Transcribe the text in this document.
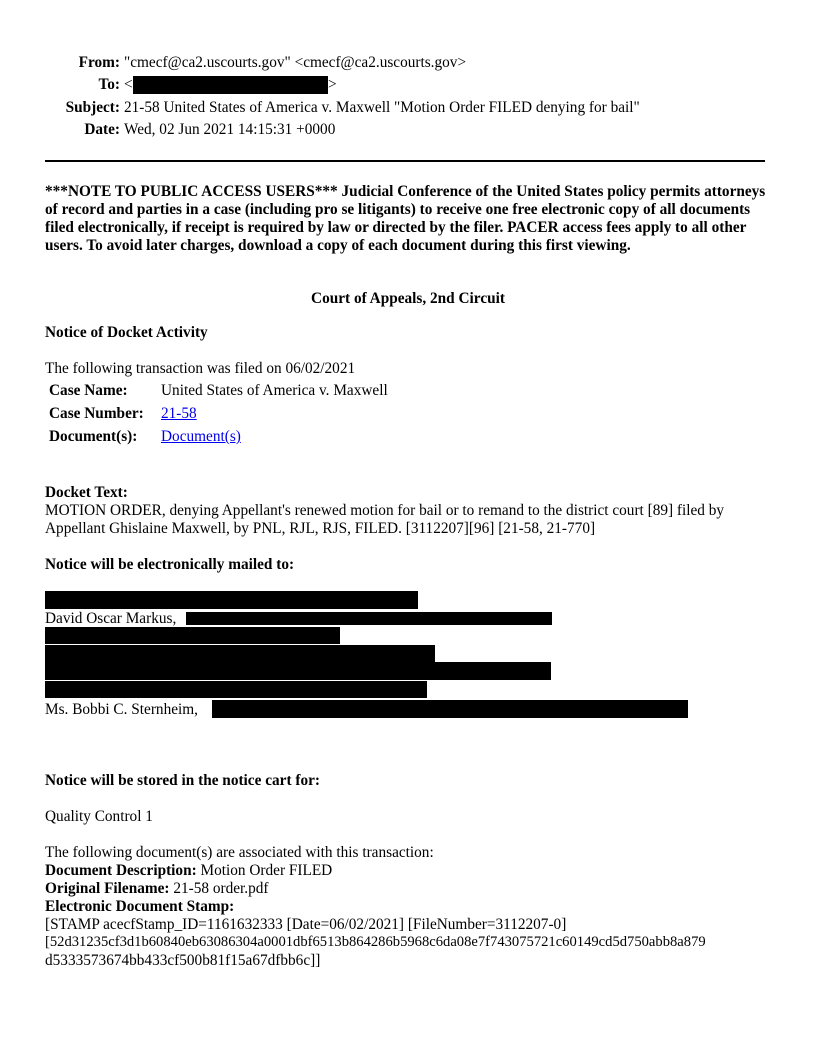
From: "cmecf@ca2.uscourts.gov" <cmecf@ca2.uscourts.gov>
To: <	>
Subject: 21-58 United States of America v. Maxwell "Motion Order FILED denying for bail"
Date: Wed, 02 Jun 2021 14:15:31 +0000
***NOTE TO PUBLIC ACCESS USERS*** Judicial Conference of the United States policy permits attorneys of record and parties in a case (including pro se litigants) to receive one free electronic copy of all documents filed electronically, if receipt is required by law or directed by the filer. PACER access fees apply to all other users. To avoid later charges, download a copy of each document during this first viewing.
Court of Appeals, 2nd Circuit
Notice of Docket Activity
The following transaction was filed on 06/02/2021
Case Name: United States of America v. Maxwell
Case Number: 21-58
Document(s): Document(s)
Docket Text:
MOTION ORDER, denying Appellant's renewed motion for bail or to remand to the district court [89] filed by Appellant Ghislaine Maxwell, by PNL, RJL, RJS, FILED. [3112207][96] [21-58, 21-770]
Notice will be electronically mailed to:
David Oscar Markus,
Ms. Bobbi C. Sternheim,
Notice will be stored in the notice cart for:
Quality Control 1
The following document(s) are associated with this transaction:
Document Description: Motion Order FILED
Original Filename: 21-58 order.pdf
Electronic Document Stamp:
[STAMP acecfStamp_ID=1161632333 [Date=06/02/2021] [FileNumber=3112207-0]
[52d31235cf3d1b60840eb63086304a0001dbf6513b864286b5968c6da08e7f743075721c60149cd5d750abb8a879
d5333573674bb433cf500b81f15a67dfbb6c]]
